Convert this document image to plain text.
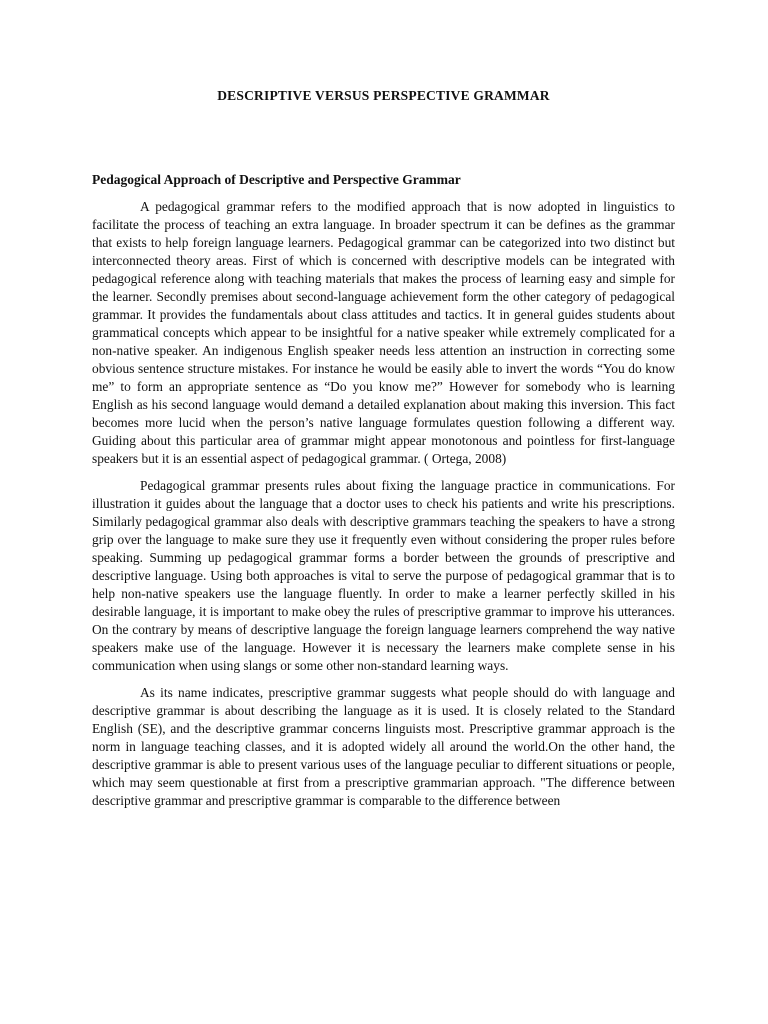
DESCRIPTIVE VERSUS PERSPECTIVE GRAMMAR
Pedagogical Approach of Descriptive and Perspective Grammar

A pedagogical grammar refers to the modified approach that is now adopted in linguistics to facilitate the process of teaching an extra language. In broader spectrum it can be defines as the grammar that exists to help foreign language learners. Pedagogical grammar can be categorized into two distinct but interconnected theory areas. First of which is concerned with descriptive models can be integrated with pedagogical reference along with teaching materials that makes the process of learning easy and simple for the learner. Secondly premises about second-language achievement form the other category of pedagogical grammar. It provides the fundamentals about class attitudes and tactics. It in general guides students about grammatical concepts which appear to be insightful for a native speaker while extremely complicated for a non-native speaker. An indigenous English speaker needs less attention an instruction in correcting some obvious sentence structure mistakes. For instance he would be easily able to invert the words “You do know me” to form an appropriate sentence as “Do you know me?” However for somebody who is learning English as his second language would demand a detailed explanation about making this inversion. This fact becomes more lucid when the person’s native language formulates question following a different way. Guiding about this particular area of grammar might appear monotonous and pointless for first-language speakers but it is an essential aspect of pedagogical grammar. ( Ortega, 2008)

Pedagogical grammar presents rules about fixing the language practice in communications. For illustration it guides about the language that a doctor uses to check his patients and write his prescriptions. Similarly pedagogical grammar also deals with descriptive grammars teaching the speakers to have a strong grip over the language to make sure they use it frequently even without considering the proper rules before speaking. Summing up pedagogical grammar forms a border between the grounds of prescriptive and descriptive language. Using both approaches is vital to serve the purpose of pedagogical grammar that is to help non-native speakers use the language fluently. In order to make a learner perfectly skilled in his desirable language, it is important to make obey the rules of prescriptive grammar to improve his utterances. On the contrary by means of descriptive language the foreign language learners comprehend the way native speakers make use of the language. However it is necessary the learners make complete sense in his communication when using slangs or some other non-standard learning ways.

As its name indicates, prescriptive grammar suggests what people should do with language and descriptive grammar is about describing the language as it is used. It is closely related to the Standard English (SE), and the descriptive grammar concerns linguists most. Prescriptive grammar approach is the norm in language teaching classes, and it is adopted widely all around the world.On the other hand, the descriptive grammar is able to present various uses of the language peculiar to different situations or people, which may seem questionable at first from a prescriptive grammarian approach. "The difference between descriptive grammar and prescriptive grammar is comparable to the difference between
